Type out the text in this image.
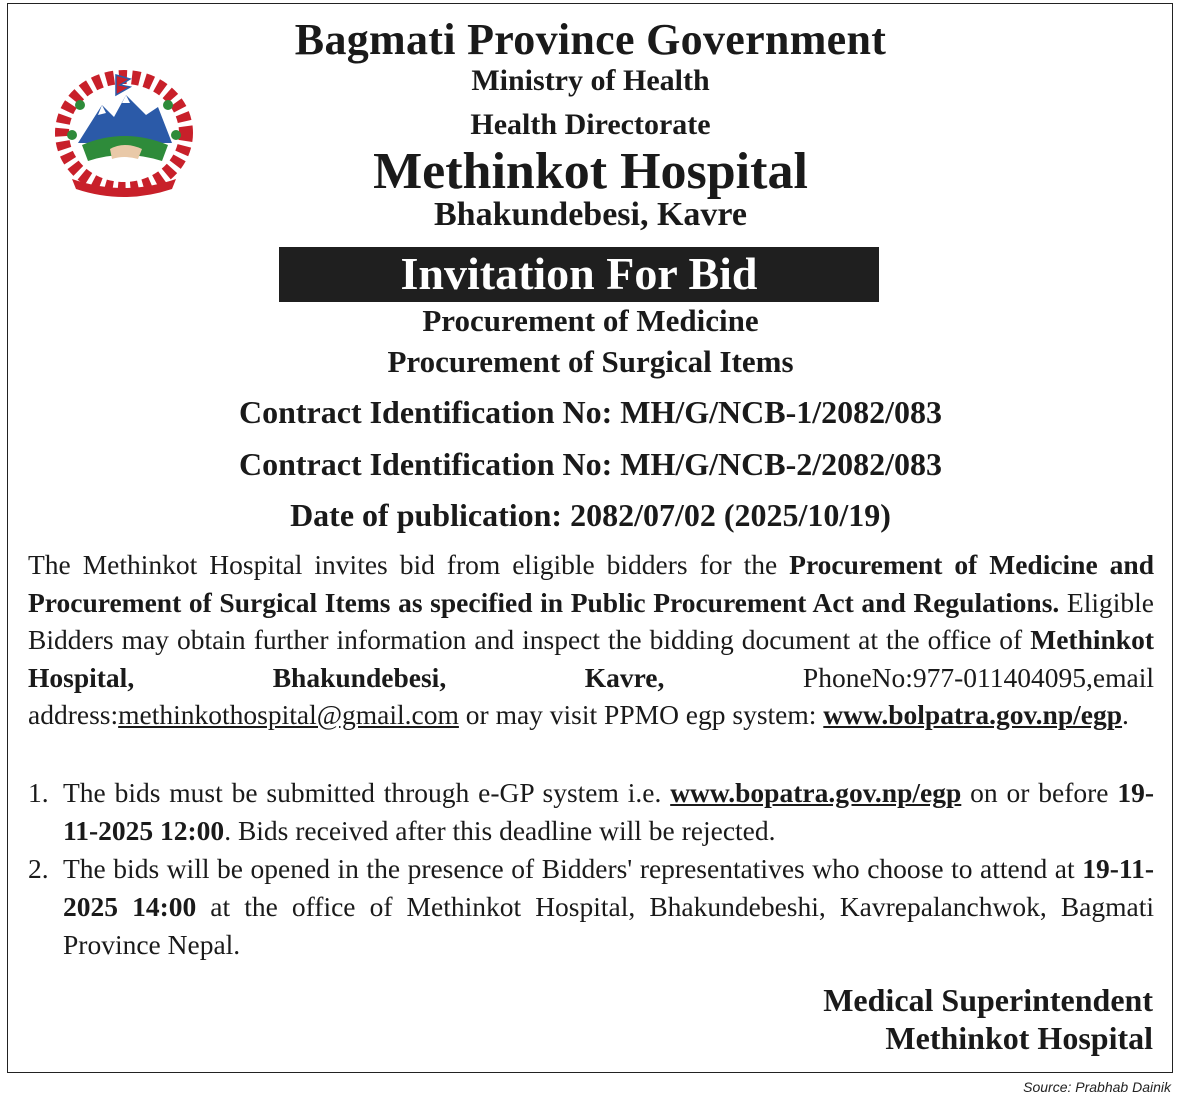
Bagmati Province Government
Ministry of Health
Health Directorate
Methinkot Hospital
Bhakundebesi, Kavre
Invitation For Bid
Procurement of Medicine
Procurement of Surgical Items
Contract Identification No: MH/G/NCB-1/2082/083
Contract Identification No: MH/G/NCB-2/2082/083
Date of publication: 2082/07/02 (2025/10/19)

The Methinkot Hospital invites bid from eligible bidders for the Procurement of Medicine and Procurement of Surgical Items as specified in Public Procurement Act and Regulations. Eligible Bidders may obtain further information and inspect the bidding document at the office of Methinkot Hospital, Bhakundebesi, Kavre, PhoneNo:977-011404095,email address:methinkothospital@gmail.com or may visit PPMO egp system: www.bolpatra.gov.np/egp.

1. The bids must be submitted through e-GP system i.e. www.bopatra.gov.np/egp on or before 19-11-2025 12:00. Bids received after this deadline will be rejected.
2. The bids will be opened in the presence of Bidders' representatives who choose to attend at 19-11-2025 14:00 at the office of Methinkot Hospital, Bhakundebeshi, Kavrepalanchwok, Bagmati Province Nepal.
Medical Superintendent
Methinkot Hospital
Source: Prabhab Dainik
